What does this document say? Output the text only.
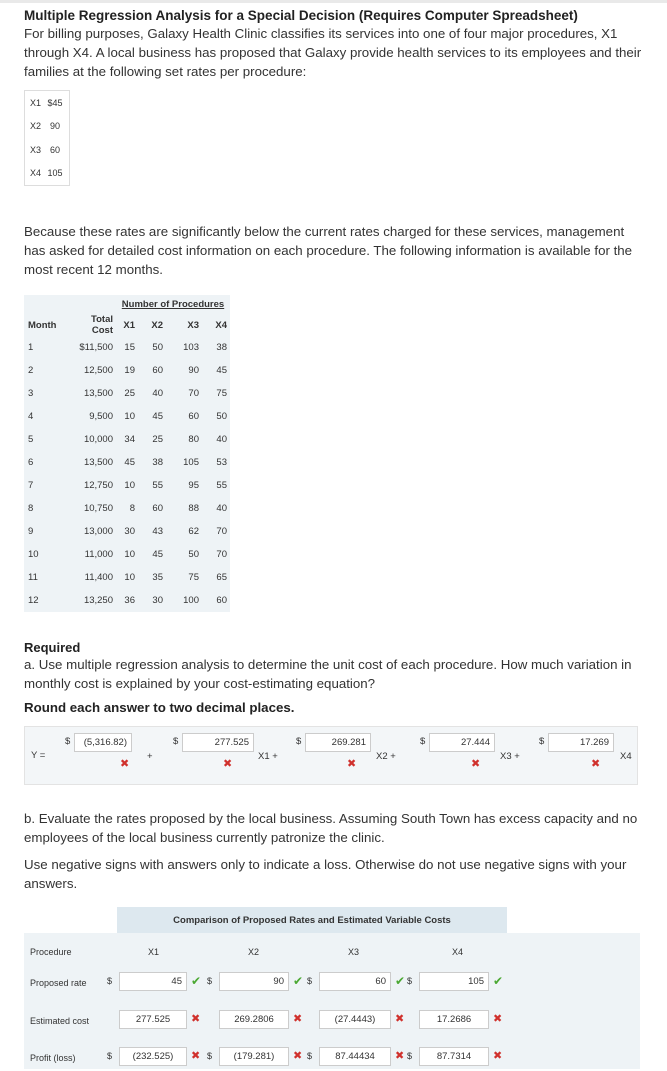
Multiple Regression Analysis for a Special Decision (Requires Computer Spreadsheet)
For billing purposes, Galaxy Health Clinic classifies its services into one of four major procedures, X1 through X4. A local business has proposed that Galaxy provide health services to its employees and their families at the following set rates per procedure:
X1 $45
X2 90
X3 60
X4 105
Because these rates are significantly below the current rates charged for these services, management has asked for detailed cost information on each procedure. The following information is available for the most recent 12 months.
		Number of Procedures			
Month	Total Cost	X1	X2	X3	X4
1	$11,500	15	50	103	38
2	12,500	19	60	90	45
3	13,500	25	40	70	75
4	9,500	10	45	60	50
5	10,000	34	25	80	40
6	13,500	45	38	105	53
7	12,750	10	55	95	55
8	10,750	8	60	88	40
9	13,000	30	43	62	70
10	11,000	10	45	50	70
11	11,400	10	35	75	65
12	13,250	36	30	100	60
Required
a. Use multiple regression analysis to determine the unit cost of each procedure. How much variation in monthly cost is explained by your cost-estimating equation?
Round each answer to two decimal places.
Y =
$	(5,316.82)
✖
+
$	277.525
✖
X1 +
$	269.281
✖
X2 +
$	27.444
✖
X3 +
$	17.269
✖
X4
b. Evaluate the rates proposed by the local business. Assuming South Town has excess capacity and no employees of the local business currently patronize the clinic.
Use negative signs with answers only to indicate a loss. Otherwise do not use negative signs with your answers.
Comparison of Proposed Rates and Estimated Variable Costs
Procedure	X1	X2	X3	X4
Proposed rate $	45 ✔ $	90 ✔ $	60 ✔ $	105 ✔
Estimated cost	277.525	✖	269.2806	✖	(27.4443)	✖	17.2686	✖
Profit (loss)	$	(232.525)	✖ $	(179.281)	✖ $	87.44434	✖ $	87.7314	✖
